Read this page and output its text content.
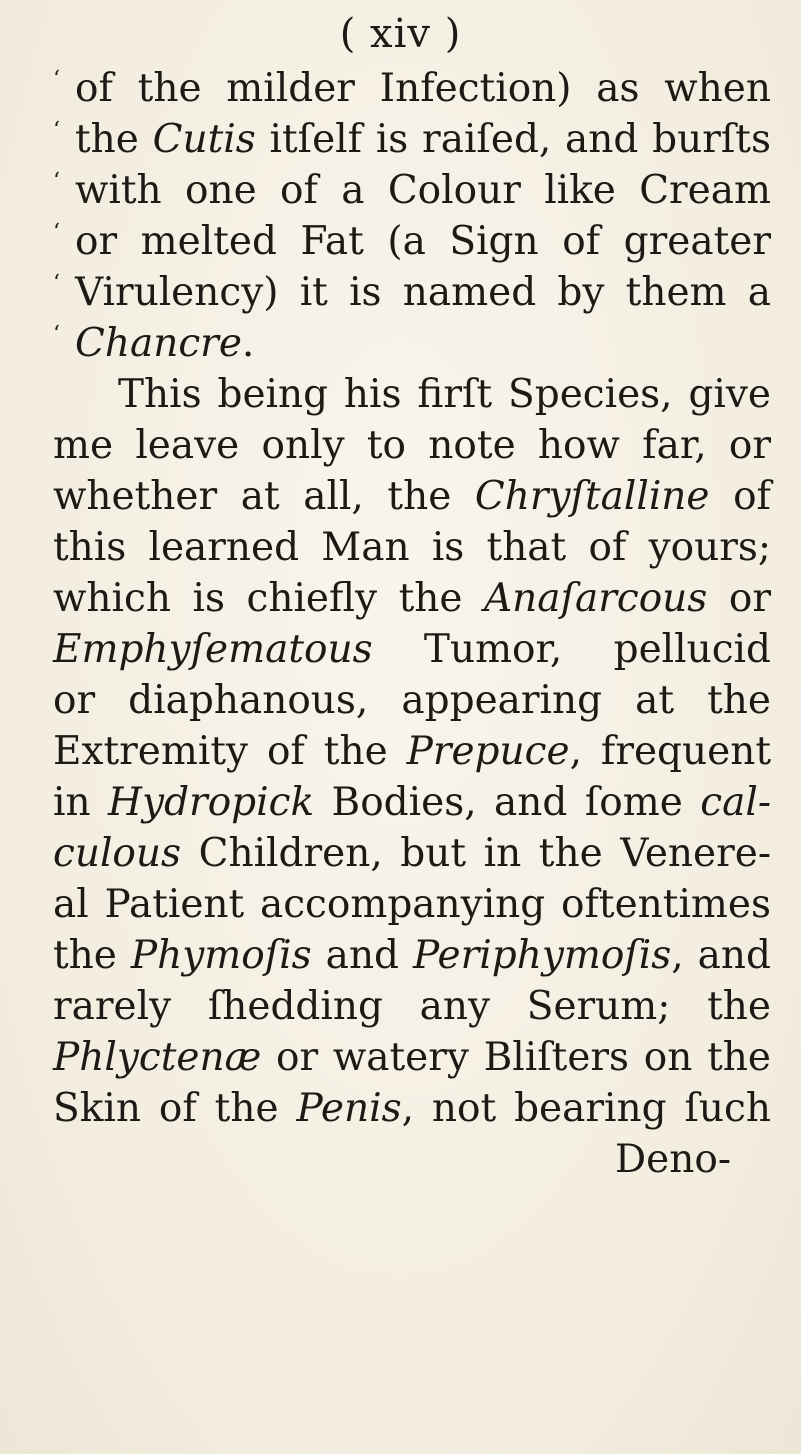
( xiv )
‘ of the milder Infection) as when
‘ the Cutis itſelf is raiſed, and burſts
‘ with one of a Colour like Cream
‘ or melted Fat (a Sign of greater
‘ Virulency) it is named by them a
‘ Chancre.
This being his firſt Species, give
me leave only to note how far, or
whether at all, the Chryſtalline of
this learned Man is that of yours;
which is chiefly the Anaſarcous or
Emphyſematous Tumor, pellucid
or diaphanous, appearing at the
Extremity of the Prepuce, frequent
in Hydropick Bodies, and ſome cal-
culous Children, but in the Venere-
al Patient accompanying oftentimes
the Phymoſis and Periphymoſis, and
rarely ſhedding any Serum; the
Phlyctenæ or watery Bliſters on the
Skin of the Penis, not bearing ſuch
Deno-
